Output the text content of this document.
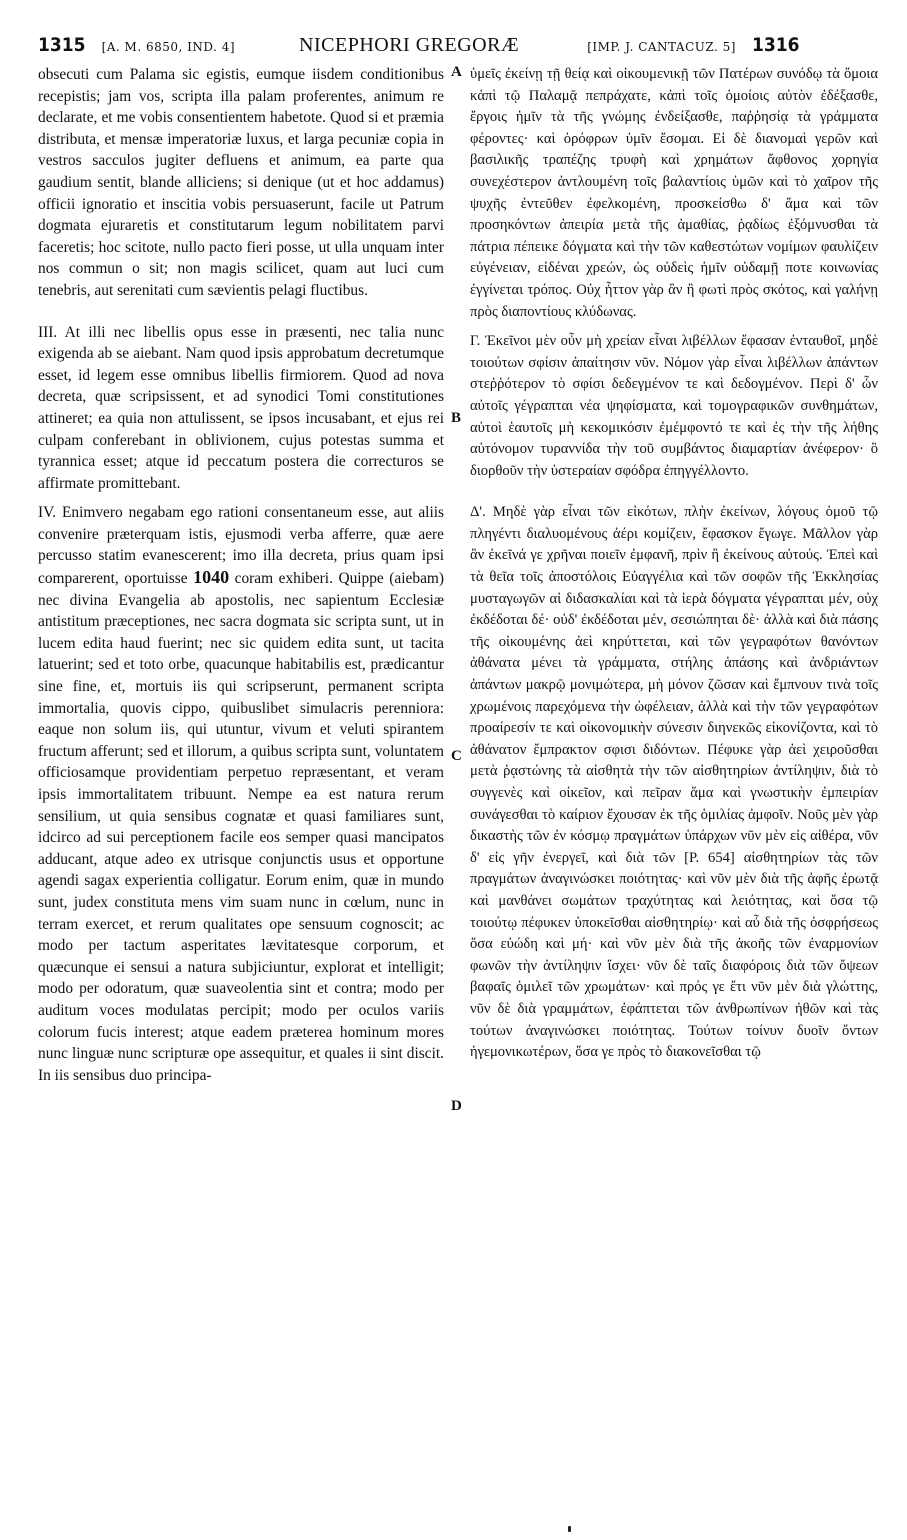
1315 [A. M. 6850, IND. 4]	NICEPHORI GREGORÆ	[IMP. J. CANTACUZ. 5] 1316

obsecuti cum Palama sic egistis, eumque iisdem conditionibus recepistis; jam vos, scripta illa palam proferentes, animum re declarate, et me vobis consentientem habetote. Quod si et præmia distributa, et mensæ imperatoriæ luxus, et larga pecuniæ copia in vestros sacculos jugiter defluens et animum, ea parte qua gaudium sentit, blande alliciens; si denique (ut et hoc addamus) officii ignoratio et inscitia vobis persuaserunt, facile ut Patrum dogmata ejuraretis et constitutarum legum nobilitatem parvi faceretis; hoc scitote, nullo pacto fieri posse, ut ulla unquam inter nos commun o sit; non magis scilicet, quam aut luci cum tenebris, aut serenitati cum sævientis pelagi fluctibus.

III. At illi nec libellis opus esse in præsenti, nec talia nunc exigenda ab se aiebant. Nam quod ipsis approbatum decretumque esset, id legem esse omnibus libellis firmiorem. Quod ad nova decreta, quæ scripsissent, et ad synodici Tomi constitutiones attineret; ea quia non attulissent, se ipsos incusabant, et ejus rei culpam conferebant in oblivionem, cujus potestas summa et tyrannica esset; atque id peccatum postera die correcturos se affirmate promittebant.

IV. Enimvero negabam ego rationi consentaneum esse, aut aliis convenire præterquam istis, ejusmodi verba afferre, quæ aere percusso statim evanescerent; imo illa decreta, prius quam ipsi comparerent, oportuisse 1040 coram exhiberi. Quippe (aiebam) nec divina Evangelia ab apostolis, nec sapientum Ecclesiæ antistitum præceptiones, nec sacra dogmata sic scripta sunt, ut in lucem edita haud fuerint; nec sic quidem edita sunt, ut tacita latuerint; sed et toto orbe, quacunque habitabilis est, prædicantur sine fine, et, mortuis iis qui scripserunt, permanent scripta immortalia, quovis cippo, quibuslibet simulacris perenniora: eaque non solum iis, qui utuntur, vivum et veluti spirantem fructum afferunt; sed et illorum, a quibus scripta sunt, voluntatem officiosamque providentiam perpetuo repræsentant, et veram ipsis immortalitatem tribuunt. Nempe ea est natura rerum sensilium, ut quia sensibus cognatæ et quasi familiares sunt, idcirco ad sui perceptionem facile eos semper quasi mancipatos adducant, atque adeo ex utrisque conjunctis usus et opportune agendi sagax experientia colligatur. Eorum enim, quæ in mundo sunt, judex constituta mens vim suam nunc in cœlum, nunc in terram exercet, et rerum qualitates ope sensuum cognoscit; ac modo per tactum asperitates lævitatesque corporum, et quæcunque ei sensui a natura subjiciuntur, explorat et intelligit; modo per odoratum, quæ suaveolentia sint et contra; modo per auditum voces modulatas percipit; modo per oculos variis colorum fucis interest; atque eadem præterea hominum mores nunc linguæ nunc scripturæ ope assequitur, et quales ii sint discit. In iis sensibus duo principa-

A
B
C
D

ὑμεῖς ἐκείνῃ τῇ θείᾳ καὶ οἰκουμενικῇ τῶν Πατέρων συνόδῳ τὰ ὅμοια κἀπὶ τῷ Παλαμᾷ πεπράχατε, κἀπὶ τοῖς ὁμοίοις αὐτὸν ἐδέξασθε, ἔργοις ἡμῖν τὰ τῆς γνώμης ἐνδείξασθε, παῤῥησίᾳ τὰ γράμματα φέροντες· καὶ ὁρόφρων ὑμῖν ἔσομαι. Εἰ δὲ διανομαὶ γερῶν καὶ βασιλικῆς τραπέζης τρυφὴ καὶ χρημάτων ἄφθονος χορηγία συνεχέστερον ἀντλουμένη τοῖς βαλαντίοις ὑμῶν καὶ τὸ χαῖρον τῆς ψυχῆς ἐντεῦθεν ἐφελκομένη, προσκείσθω δ' ἅμα καὶ τῶν προσηκόντων ἀπειρία μετὰ τῆς ἀμαθίας, ῥᾳδίως ἐξόμνυσθαι τὰ πάτρια πέπεικε δόγματα καὶ τὴν τῶν καθεστώτων νομίμων φαυλίζειν εὐγένειαν, εἰδέναι χρεών, ὡς οὐδεὶς ἡμῖν οὐδαμῇ ποτε κοινωνίας ἐγγίνεται τρόπος. Οὐχ ἧττον γὰρ ἂν ἢ φωτὶ πρὸς σκότος, καὶ γαλήνῃ πρὸς διαποντίους κλύδωνας.

Γ. Ἐκεῖνοι μὲν οὖν μὴ χρείαν εἶναι λιβέλλων ἔφασαν ἐνταυθοῖ, μηδὲ τοιούτων σφίσιν ἀπαίτησιν νῦν. Νόμον γὰρ εἶναι λιβέλλων ἁπάντων στεῤῥότερον τὸ σφίσι δεδεγμένον τε καὶ δεδογμένον. Περὶ δ' ὧν αὐτοῖς γέγραπται νέα ψηφίσματα, καὶ τομογραφικῶν συνθημάτων, αὐτοὶ ἑαυτοῖς μὴ κεκομικόσιν ἐμέμφοντό τε καὶ ἐς τὴν τῆς λήθης αὐτόνομον τυραννίδα τὴν τοῦ συμβάντος διαμαρτίαν ἀνέφερον· ὃ διορθοῦν τὴν ὑστεραίαν σφόδρα ἐπηγγέλλοντο.

Δ'. Μηδὲ γὰρ εἶναι τῶν εἰκότων, πλὴν ἐκείνων, λόγους ὁμοῦ τῷ πληγέντι διαλυομένους ἀέρι κομίζειν, ἔφασκον ἔγωγε. Μᾶλλον γὰρ ἂν ἐκεῖνά γε χρῆναι ποιεῖν ἐμφανῆ, πρὶν ἢ ἐκείνους αὐτούς. Ἐπεὶ καὶ τὰ θεῖα τοῖς ἀποστόλοις Εὐαγγέλια καὶ τῶν σοφῶν τῆς Ἐκκλησίας μυσταγωγῶν αἱ διδασκαλίαι καὶ τὰ ἱερὰ δόγματα γέγραπται μέν, οὐχ ἐκδέδοται δέ· οὐδ' ἐκδέδοται μέν, σεσιώπηται δὲ· ἀλλὰ καὶ διὰ πάσης τῆς οἰκουμένης ἀεὶ κηρύττεται, καὶ τῶν γεγραφότων θανόντων ἀθάνατα μένει τὰ γράμματα, στήλης ἁπάσης καὶ ἀνδριάντων ἁπάντων μακρῷ μονιμώτερα, μὴ μόνον ζῶσαν καὶ ἔμπνουν τινὰ τοῖς χρωμένοις παρεχόμενα τὴν ὠφέλειαν, ἀλλὰ καὶ τὴν τῶν γεγραφότων προαίρεσίν τε καὶ οἰκονομικὴν σύνεσιν διηνεκῶς εἰκονίζοντα, καὶ τὸ ἀθάνατον ἔμπρακτον σφισι διδόντων. Πέφυκε γὰρ ἀεὶ χειροῦσθαι μετὰ ῥᾳστώνης τὰ αἰσθητὰ τὴν τῶν αἰσθητηρίων ἀντίληψιν, διὰ τὸ συγγενὲς καὶ οἰκεῖον, καὶ πεῖραν ἅμα καὶ γνωστικὴν ἐμπειρίαν συνάγεσθαι τὸ καίριον ἔχουσαν ἐκ τῆς ὁμιλίας ἀμφοῖν. Νοῦς μὲν γὰρ δικαστὴς τῶν ἐν κόσμῳ πραγμάτων ὑπάρχων νῦν μὲν εἰς αἰθέρα, νῦν δ' εἰς γῆν ἐνεργεῖ, καὶ διὰ τῶν [P. 654] αἰσθητηρίων τὰς τῶν πραγμάτων ἀναγινώσκει ποιότητας· καὶ νῦν μὲν διὰ τῆς ἀφῆς ἐρωτᾷ καὶ μανθάνει σωμάτων τραχύτητας καὶ λειότητας, καὶ ὅσα τῷ τοιούτῳ πέφυκεν ὑποκεῖσθαι αἰσθητηρίῳ· καὶ αὖ διὰ τῆς ὀσφρήσεως ὅσα εὐώδη καὶ μή· καὶ νῦν μὲν διὰ τῆς ἀκοῆς τῶν ἐναρμονίων φωνῶν τὴν ἀντίληψιν ἴσχει· νῦν δὲ ταῖς διαφόροις διὰ τῶν ὄψεων βαφαῖς ὁμιλεῖ τῶν χρωμάτων· καὶ πρός γε ἔτι νῦν μὲν διὰ γλώττης, νῦν δὲ διὰ γραμμάτων, ἐφάπτεται τῶν ἀνθρωπίνων ἠθῶν καὶ τὰς τούτων ἀναγινώσκει ποιότητας. Τούτων τοίνυν δυοῖν ὄντων ἡγεμονικωτέρων, ὅσα γε πρὸς τὸ διακονεῖσθαι τῷ
